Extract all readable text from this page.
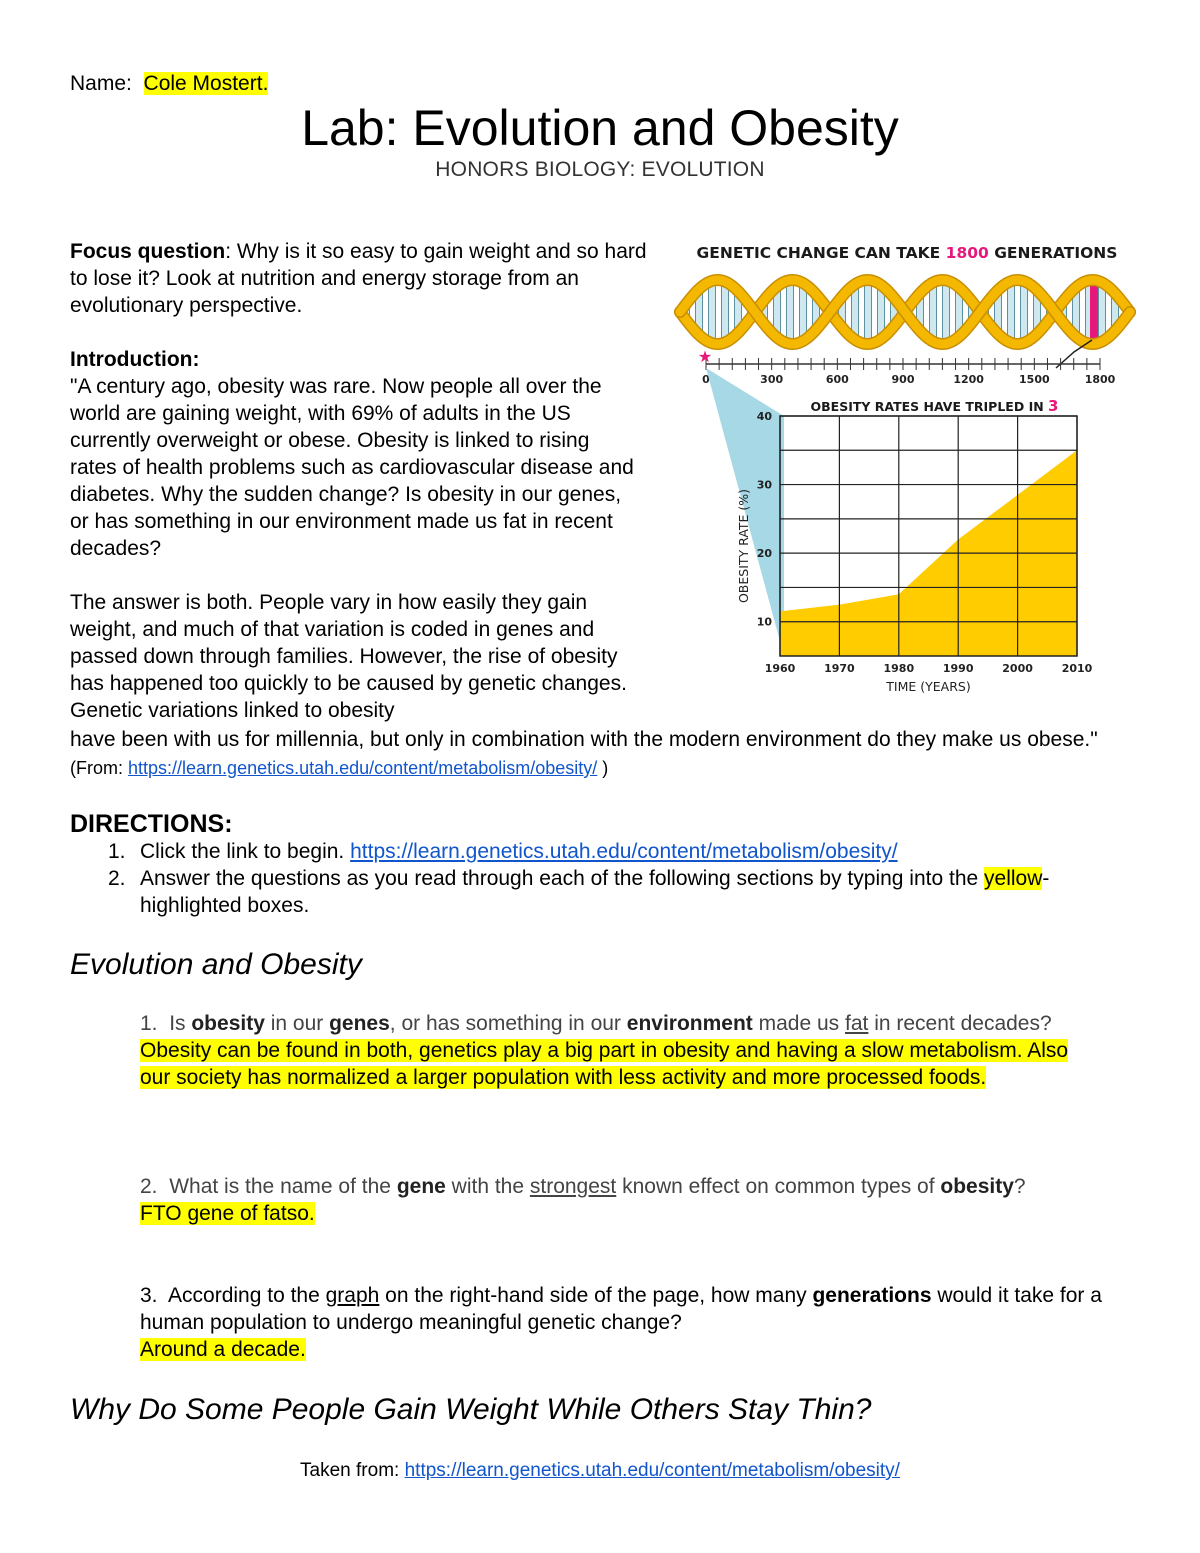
Name: Cole Mostert.
Lab: Evolution and Obesity
HONORS BIOLOGY: EVOLUTION
Focus question: Why is it so easy to gain weight and so hard to lose it? Look at nutrition and energy storage from an evolutionary perspective.
Introduction:
"A century ago, obesity was rare. Now people all over the world are gaining weight, with 69% of adults in the US currently overweight or obese. Obesity is linked to rising rates of health problems such as cardiovascular disease and diabetes. Why the sudden change? Is obesity in our genes, or has something in our environment made us fat in recent decades?
The answer is both. People vary in how easily they gain weight, and much of that variation is coded in genes and passed down through families. However, the rise of obesity has happened too quickly to be caused by genetic changes. Genetic variations linked to obesity
have been with us for millennia, but only in combination with the modern environment do they make us obese." (From: https://learn.genetics.utah.edu/content/metabolism/obesity/ )
GENETIC CHANGE CAN TAKE 1800 GENERATIONS
0	300	600	900	1200	1500	1800
★
OBESITY RATES HAVE TRIPLED IN 3
10
20
30
40
1960	1970	1980	1990	2000	2010
TIME (YEARS)
OBESITY RATE (%)
DIRECTIONS:
1. Click the link to begin. https://learn.genetics.utah.edu/content/metabolism/obesity/
2. Answer the questions as you read through each of the following sections by typing into the yellow-highlighted boxes.
Evolution and Obesity
1. Is obesity in our genes, or has something in our environment made us fat in recent decades?
Obesity can be found in both, genetics play a big part in obesity and having a slow metabolism. Also our society has normalized a larger population with less activity and more processed foods.
2. What is the name of the gene with the strongest known effect on common types of obesity?
FTO gene of fatso.
3. According to the graph on the right-hand side of the page, how many generations would it take for a human population to undergo meaningful genetic change?
Around a decade.
Why Do Some People Gain Weight While Others Stay Thin?
Taken from: https://learn.genetics.utah.edu/content/metabolism/obesity/
